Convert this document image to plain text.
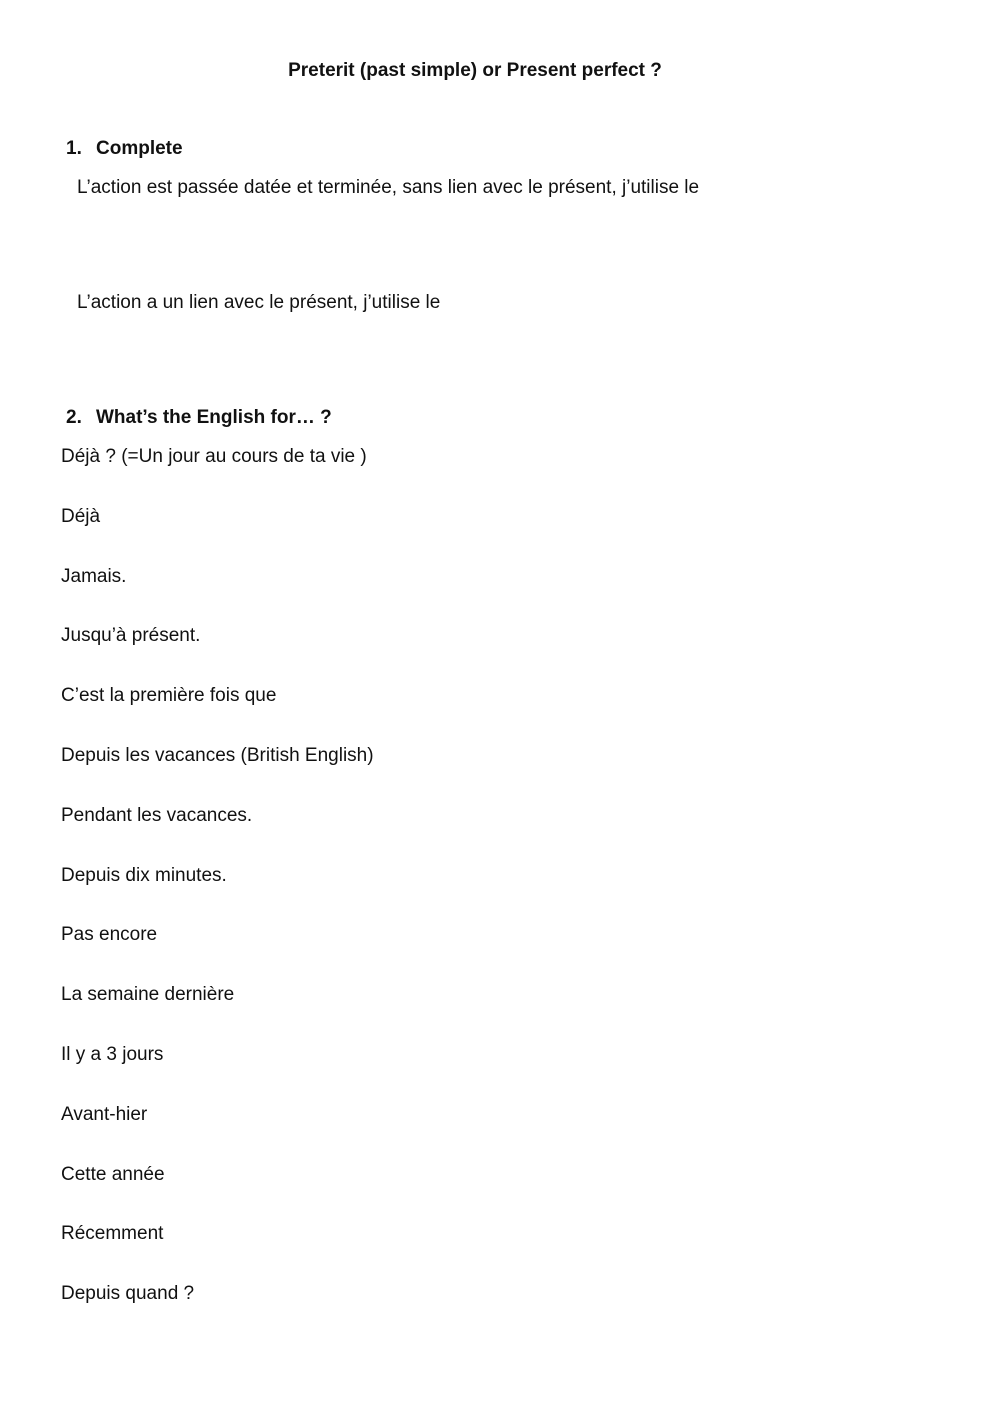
Preterit (past simple) or Present perfect ?
1. Complete
L’action est passée datée et terminée, sans lien avec le présent, j’utilise le
L’action a un lien avec le présent, j’utilise le
2. What’s the English for… ?
Déjà ? (=Un jour au cours de ta vie )
Déjà
Jamais.
Jusqu’à présent.
C’est la première fois que
Depuis les vacances (British English)
Pendant les vacances.
Depuis dix minutes.
Pas encore
La semaine dernière
Il y a 3 jours
Avant-hier
Cette année
Récemment
Depuis quand ?
